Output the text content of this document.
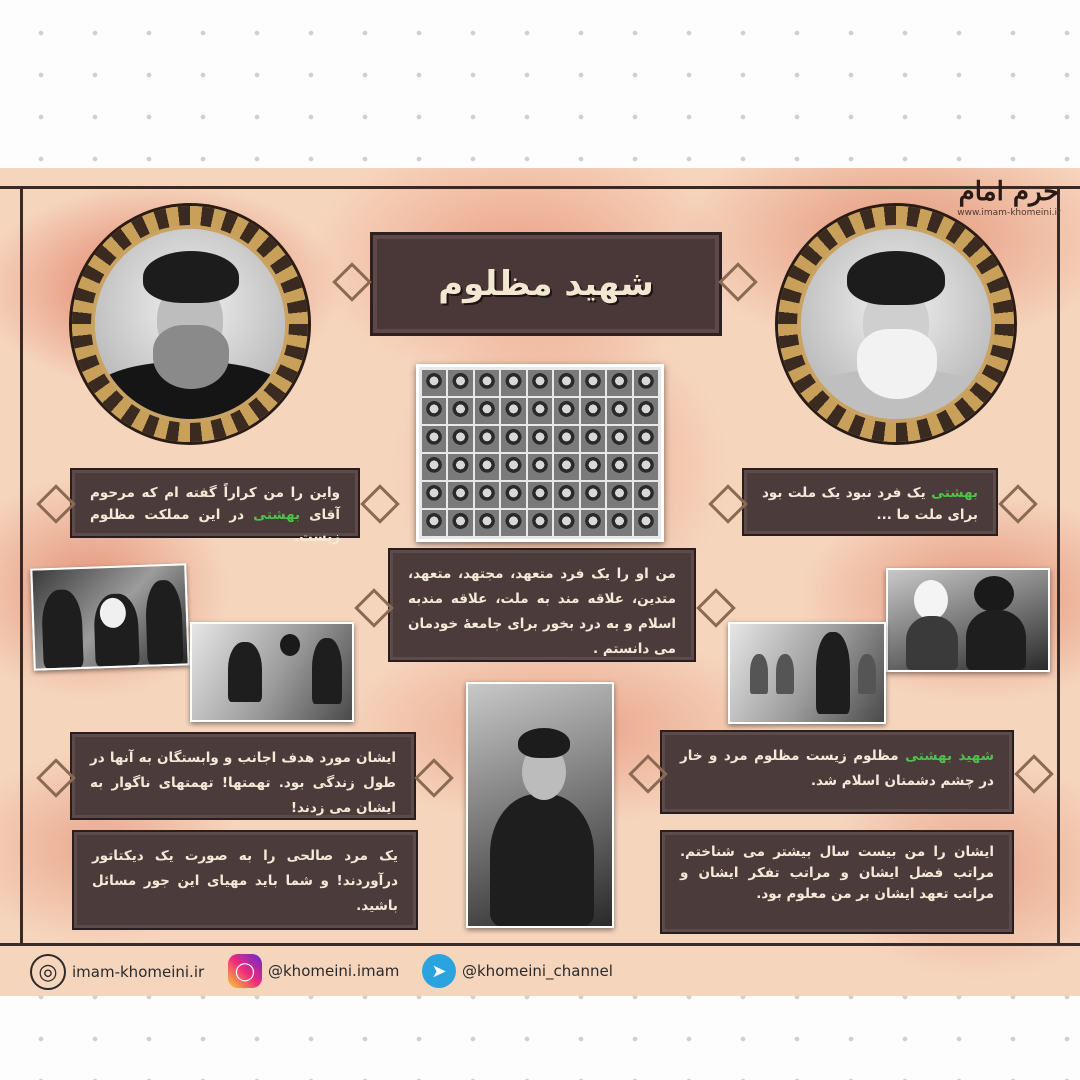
حرم امام
www.imam-khomeini.ir
شهید مظلوم
بهشتی یک فرد نبود یک ملت بود برای ملت ما ...
واین را من کراراً گفته ام که مرحوم آقای بهشتی در این مملکت مظلوم زیست.
من او را یک فرد متعهد، مجتهد، متعهد، متدین، علاقه مند به ملت، علاقه مندبه اسلام و به درد بخور برای جامعهٔ خودمان می دانستم .
شهید بهشتی مظلوم زیست مظلوم مرد و خار در چشم دشمنان اسلام شد.
ایشان مورد هدف اجانب و وابستگان به آنها در طول زندگی بود. تهمتها! تهمتهای ناگوار به ایشان می زدند!
یک مرد صالحی را به صورت یک دیکتاتور درآوردند! و شما باید مهیای این جور مسائل باشید.
ایشان را من بیست سال بیشتر می شناختم. مراتب فضل ایشان و مراتب تفکر ایشان و مراتب تعهد ایشان بر من معلوم بود.
◎ imam-khomeini.ir	◯ @khomeini.imam	➤	@khomeini_channel
